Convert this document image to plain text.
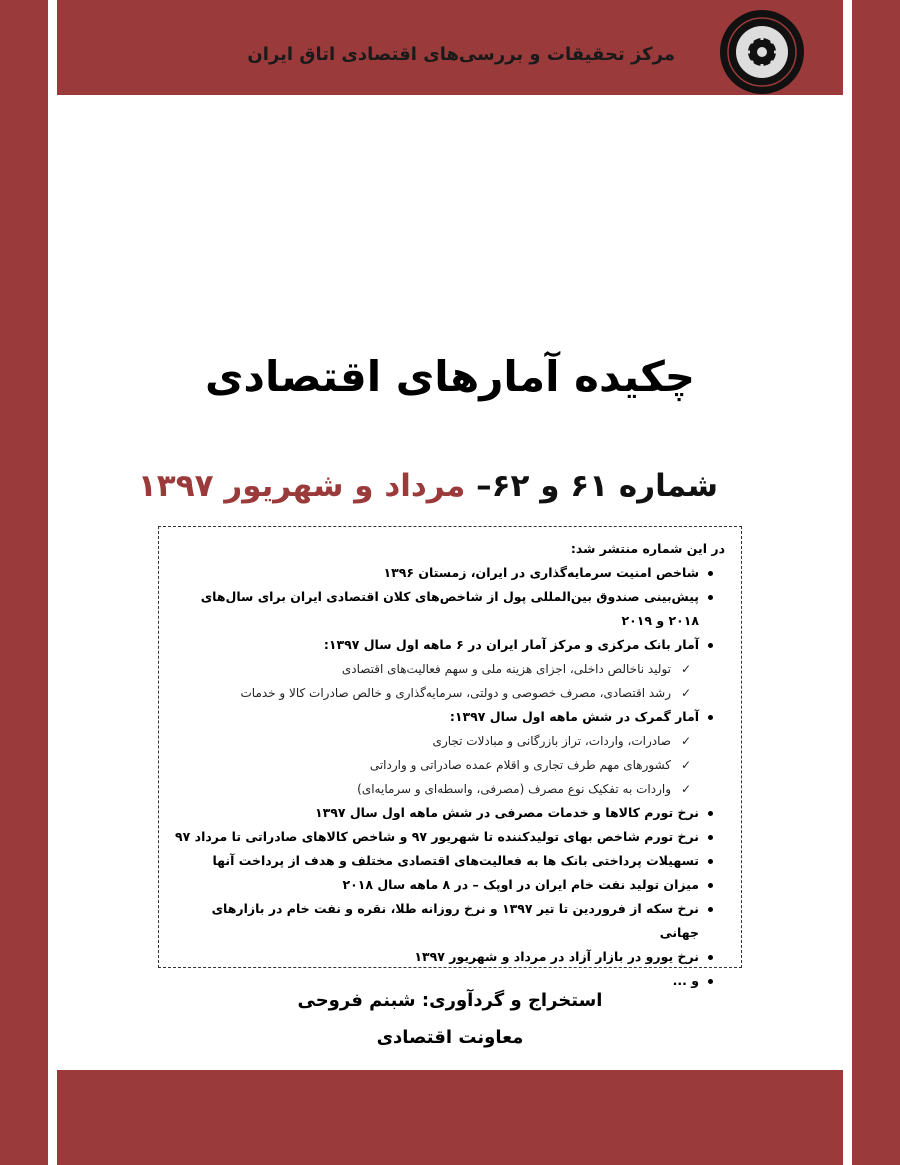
مرکز تحقیقات و بررسی‌های اقتصادی اتاق ایران
چکیده آمارهای اقتصادی
شماره ۶۱ و ۶۲– مرداد و شهریور ۱۳۹۷
در این شماره منتشر شد:
شاخص امنیت سرمایه‌گذاری در ایران، زمستان ۱۳۹۶
پیش‌بینی صندوق بین‌المللی پول از شاخص‌های کلان اقتصادی ایران برای سال‌های ۲۰۱۸ و ۲۰۱۹
آمار بانک مرکزی و مرکز آمار ایران در ۶ ماهه اول سال ۱۳۹۷:
✓ تولید ناخالص داخلی، اجزای هزینه ملی و سهم فعالیت‌های اقتصادی
✓ رشد اقتصادی، مصرف خصوصی و دولتی، سرمایه‌گذاری و خالص صادرات کالا و خدمات
آمار گمرک در شش ماهه اول سال ۱۳۹۷:
✓ صادرات، واردات، تراز بازرگانی و مبادلات تجاری
✓ کشورهای مهم طرف تجاری و اقلام عمده صادراتی و وارداتی
✓ واردات به تفکیک نوع مصرف (مصرفی، واسطه‌ای و سرمایه‌ای)
نرخ تورم کالاها و خدمات مصرفی در شش ماهه اول سال ۱۳۹۷
نرخ تورم شاخص بهای تولیدکننده تا شهریور ۹۷ و شاخص کالاهای صادراتی تا مرداد ۹۷
تسهیلات پرداختی بانک ها به فعالیت‌های اقتصادی مختلف و هدف از پرداخت آنها
میزان تولید نفت خام ایران در اوپک – در ۸ ماهه سال ۲۰۱۸
نرخ سکه از فروردین تا تیر ۱۳۹۷ و نرخ روزانه طلا، نقره و نفت خام در بازارهای جهانی
نرخ یورو در بازار آزاد در مرداد و شهریور ۱۳۹۷
و ...
استخراج و گردآوری: شبنم فروحی
معاونت اقتصادی
